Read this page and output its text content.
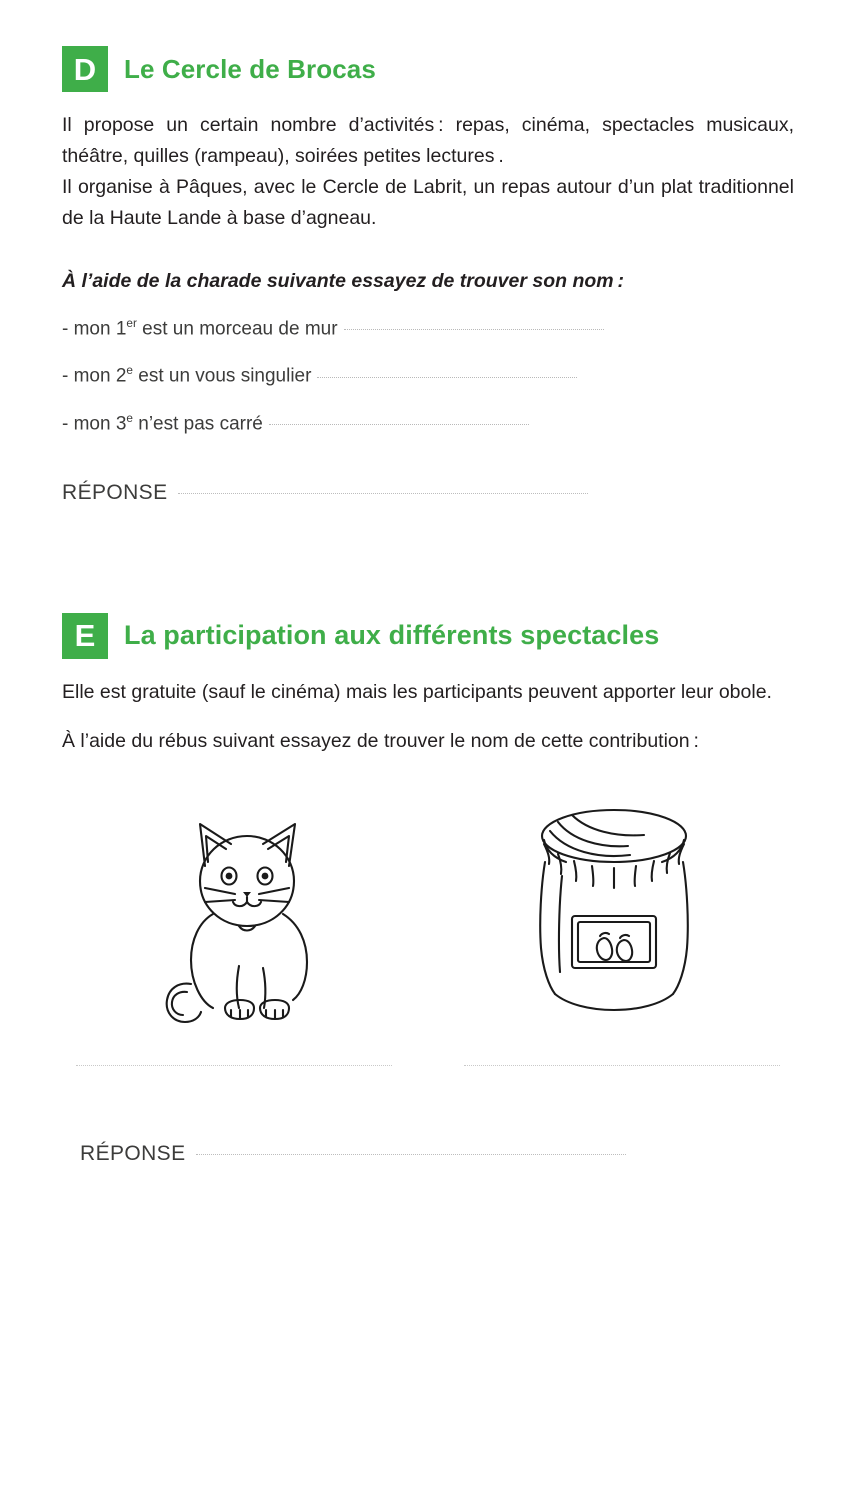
D	Le Cercle de Brocas

Il propose un certain nombre d’activités : repas, cinéma, spectacles musicaux, théâtre, quilles (rampeau), soirées petites lectures .

Il organise à Pâques, avec le Cercle de Labrit, un repas autour d’un plat traditionnel de la Haute Lande à base d’agneau.

À l’aide de la charade suivante essayez de trouver son nom :
- mon 1er est un morceau de mur
- mon 2e est un vous singulier
- mon 3e n’est pas carré
RÉPONSE
E	La participation aux différents spectacles

Elle est gratuite (sauf le cinéma) mais les participants peuvent apporter leur obole.

À l’aide du rébus suivant essayez de trouver le nom de cette contribution :

RÉPONSE
